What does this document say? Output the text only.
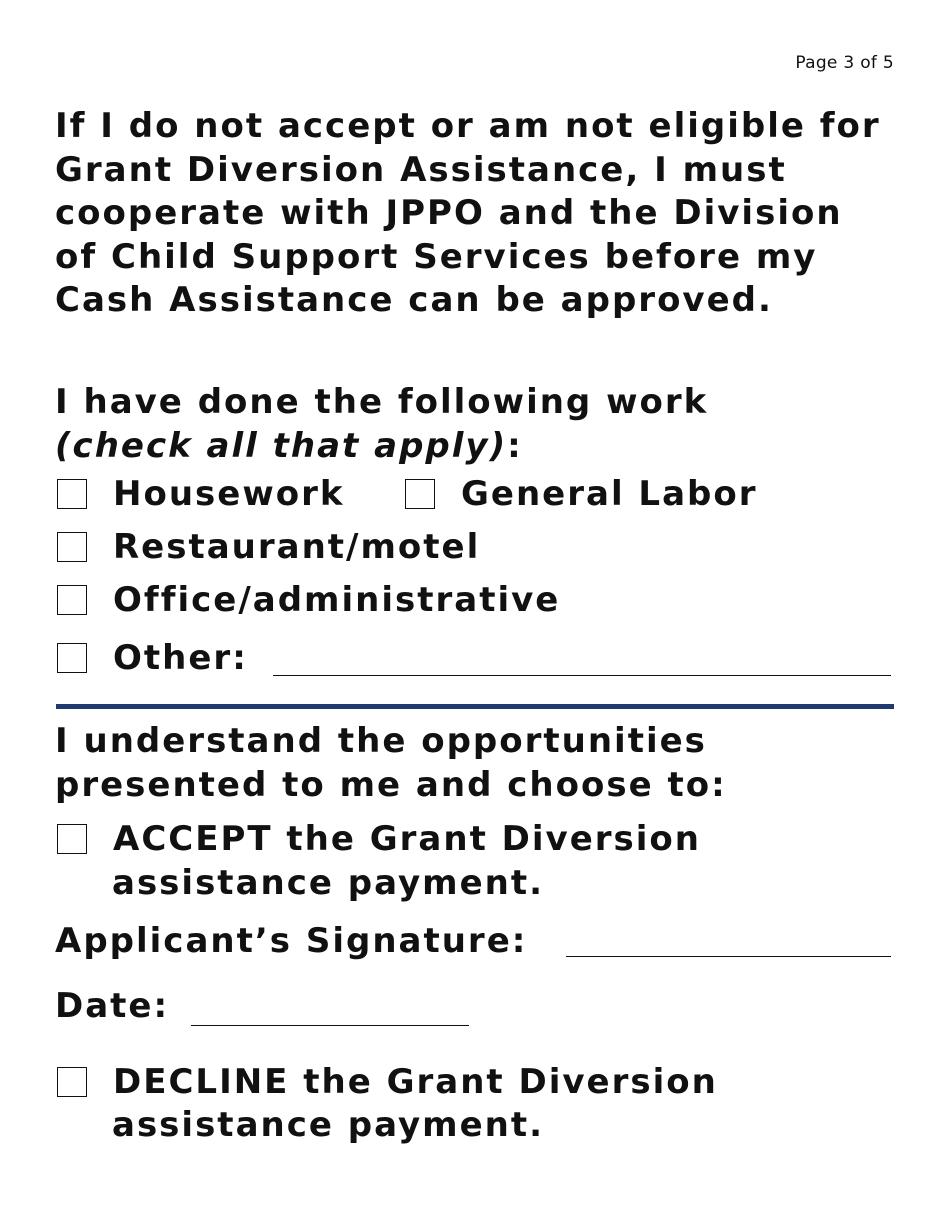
Page 3 of 5

If I do not accept or am not eligible for Grant Diversion Assistance, I must cooperate with JPPO and the Division of Child Support Services before my Cash Assistance can be approved.

I have done the following work
(check all that apply):

Housework	General Labor
Restaurant/motel
Office/administrative
Other:

I understand the opportunities presented to me and choose to:

ACCEPT the Grant Diversion
assistance payment.
Applicant’s Signature:
Date:
DECLINE the Grant Diversion
assistance payment.
